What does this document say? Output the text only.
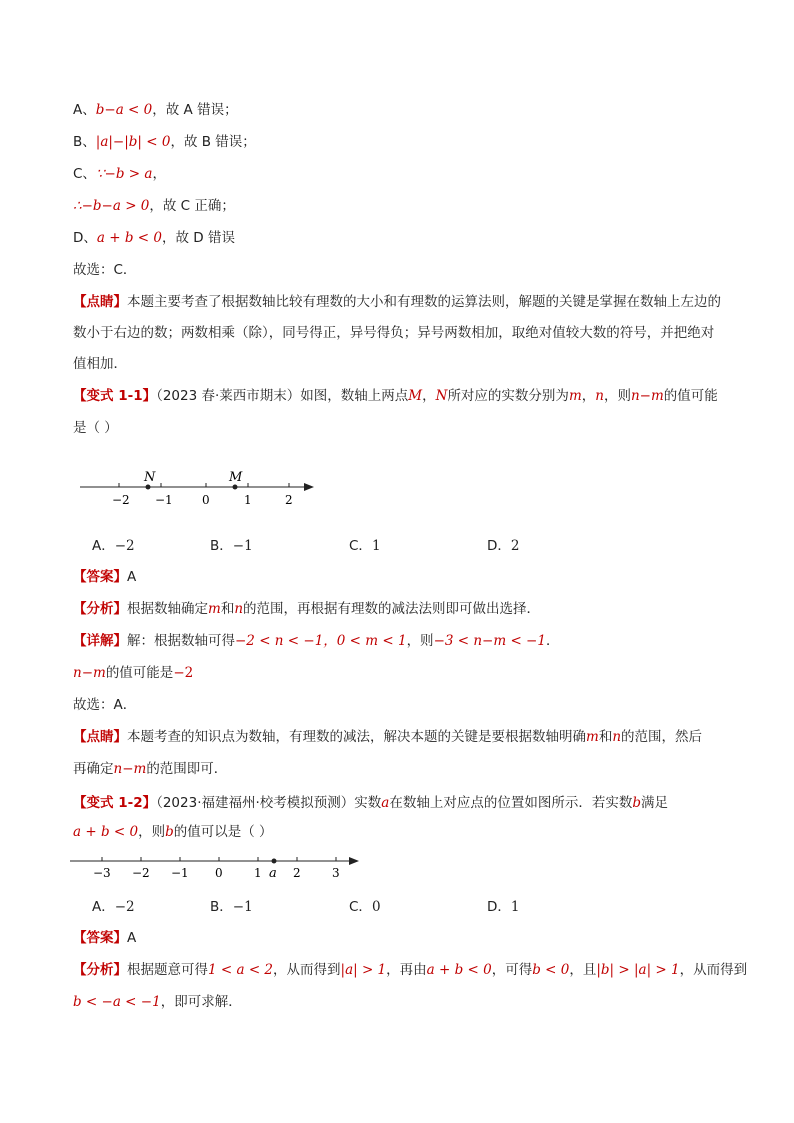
A、b−a < 0，故 A 错误；
B、|a|−|b| < 0，故 B 错误；
C、∵−b > a，
∴−b−a > 0，故 C 正确；
D、a + b < 0，故 D 错误
故选：C．
【点睛】本题主要考查了根据数轴比较有理数的大小和有理数的运算法则，解题的关键是掌握在数轴上左边的数小于右边的数；两数相乘（除），同号得正，异号得负；异号两数相加，取绝对值较大数的符号，并把绝对值相加．
【变式 1-1】（2023 春·莱西市期末）如图，数轴上两点M，N所对应的实数分别为m，n，则n−m的值可能
是（ ）
N	M
−2 −1 0	1	2
A．−2	B．−1	C．1	D．2
【答案】A
【分析】根据数轴确定m和n的范围，再根据有理数的减法法则即可做出选择．
【详解】解：根据数轴可得−2 < n < −1，0 < m < 1，则−3 < n−m < −1．
n−m的值可能是−2
故选：A．
【点睛】本题考查的知识点为数轴，有理数的减法，解决本题的关键是要根据数轴明确m和n的范围，然后
再确定n−m的范围即可．
【变式 1-2】（2023·福建福州·校考模拟预测）实数a在数轴上对应点的位置如图所示．若实数b满足
a + b < 0，则b的值可以是（ ）
−3 −2 −1 0	1 a 2	3
A．−2	B．−1	C．0	D．1
【答案】A
【分析】根据题意可得1 < a < 2，从而得到|a| > 1，再由a + b < 0，可得b < 0，且|b| > |a| > 1，从而得到
b < −a < −1，即可求解．
